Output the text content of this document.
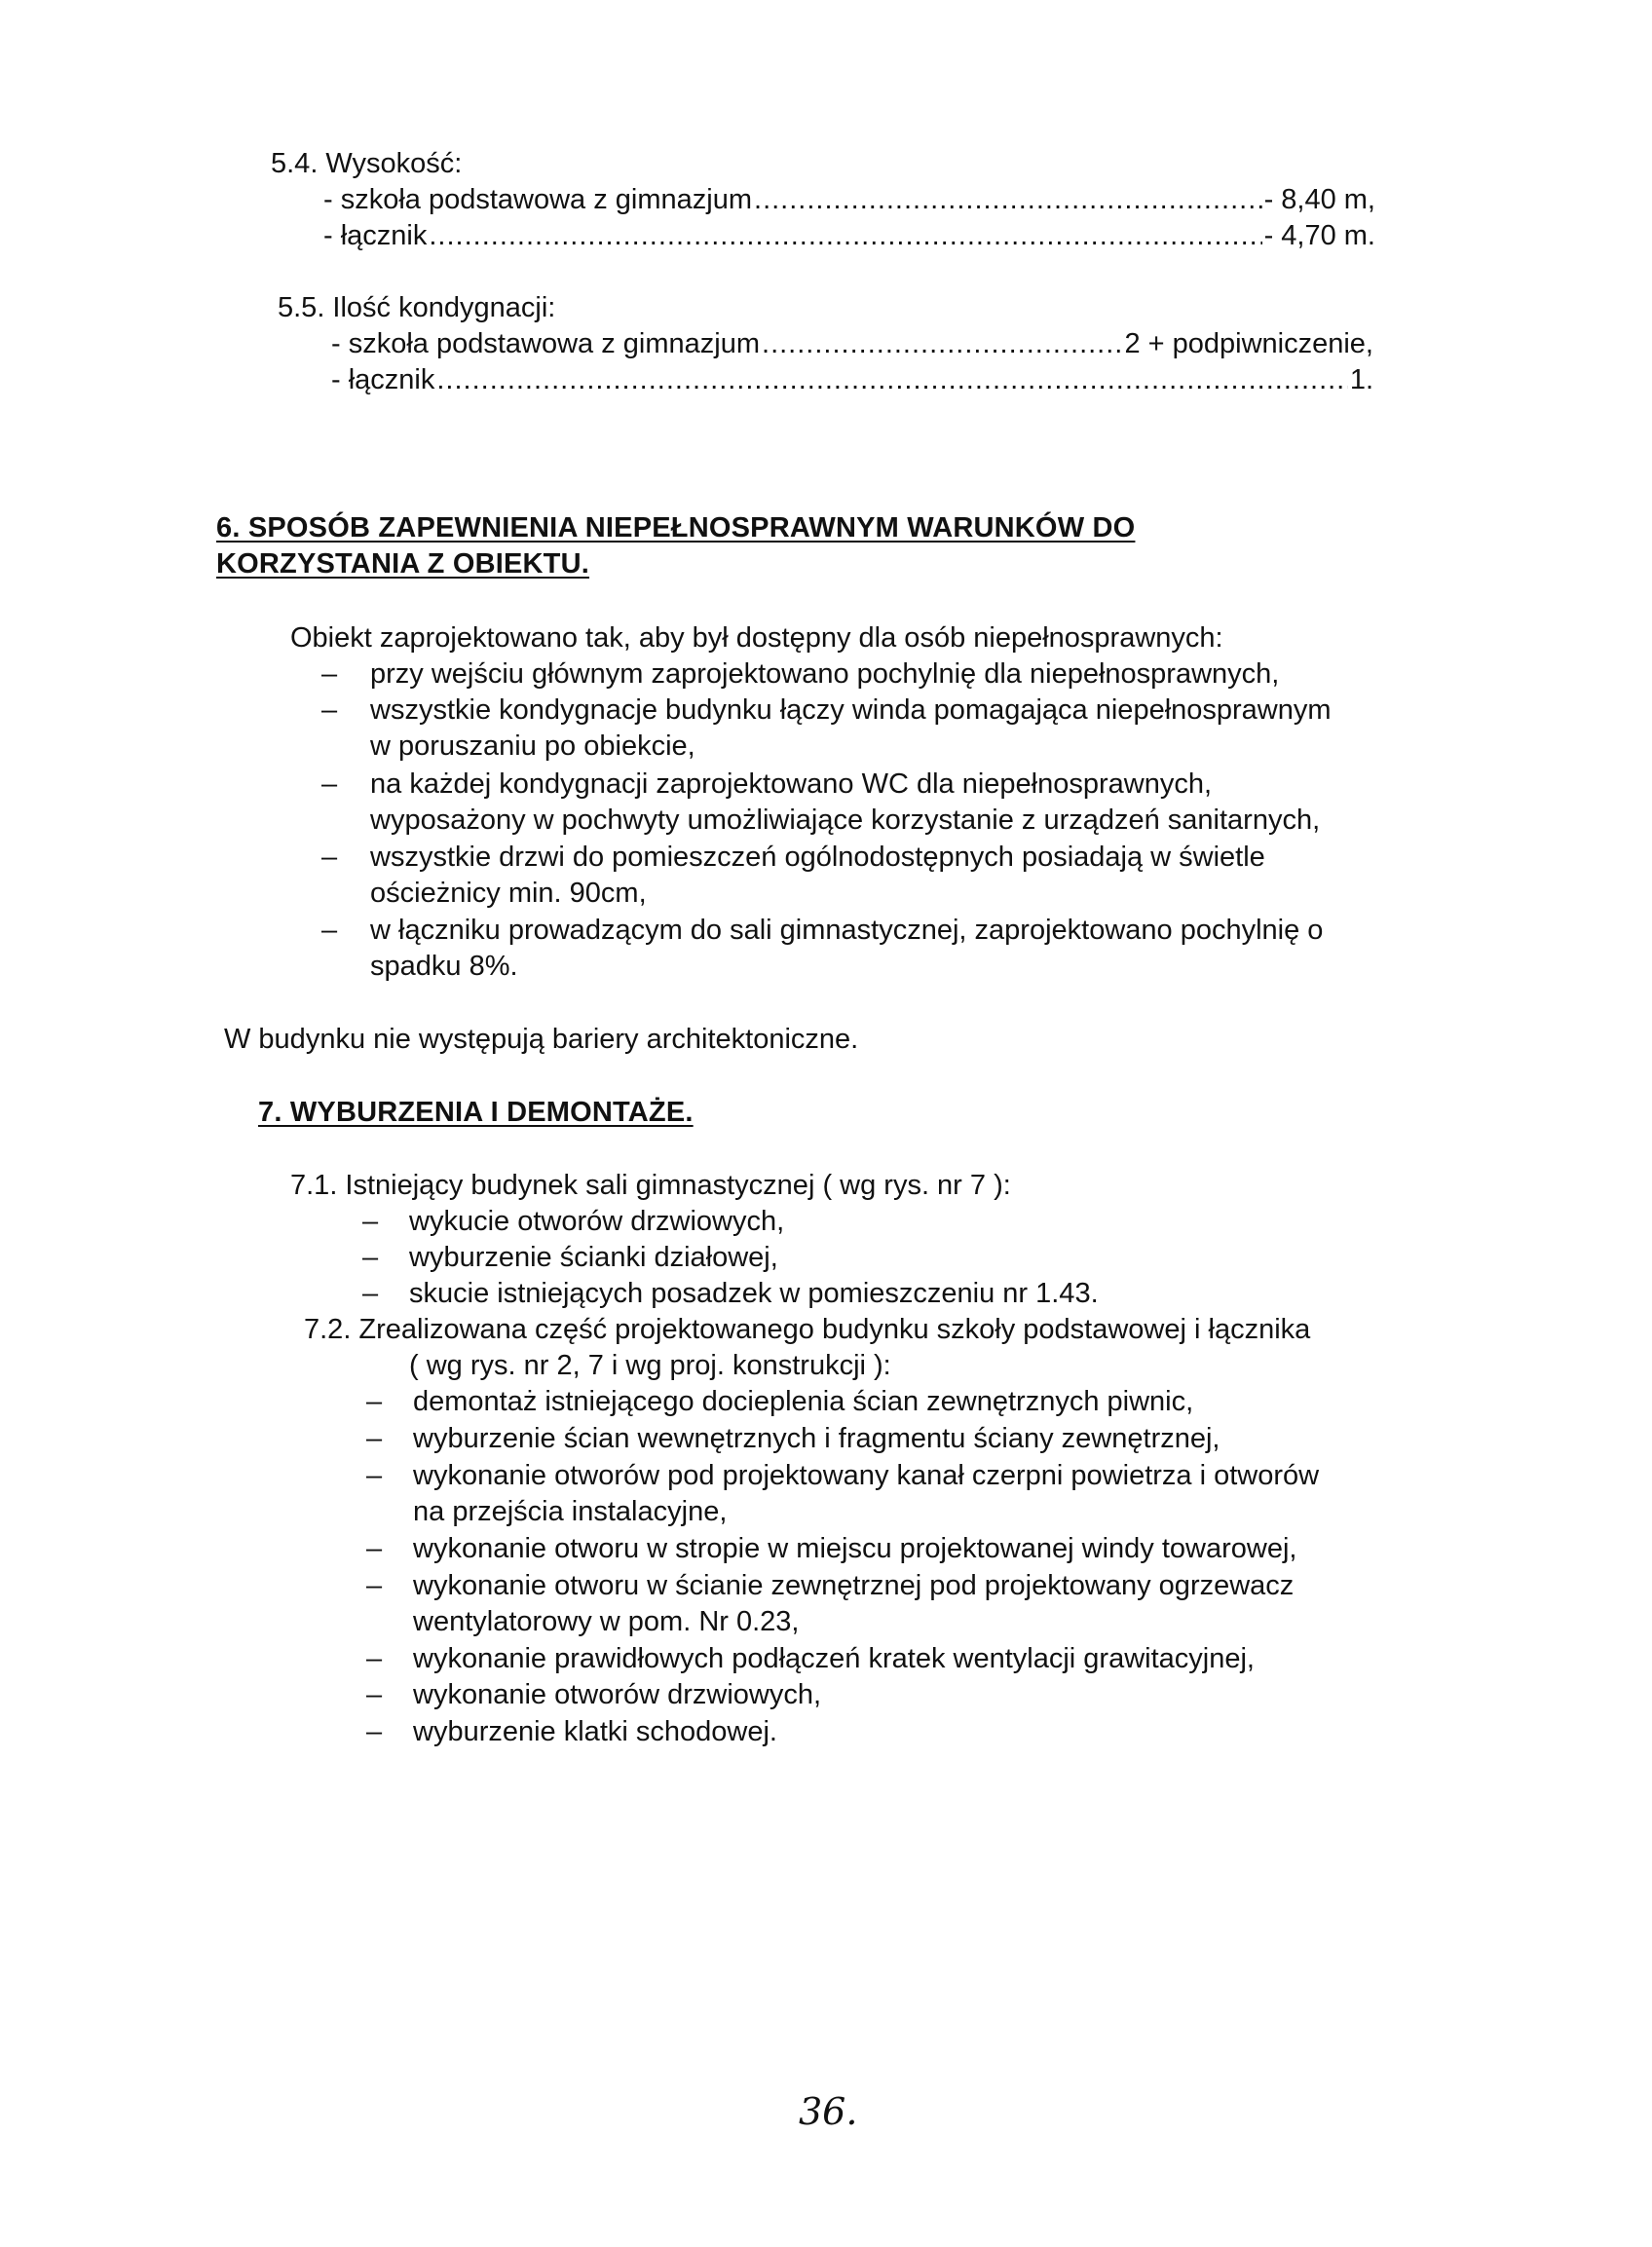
5.4. Wysokość:
- szkoła podstawowa z gimnazjum .....	- 8,40 m,
- łącznik .....	- 4,70 m.
5.5. Ilość kondygnacji:
- szkoła podstawowa z gimnazjum .....	2 + podpiwniczenie,
- łącznik .....	1.
6. SPOSÓB ZAPEWNIENIA NIEPEŁNOSPRAWNYM WARUNKÓW DO
KORZYSTANIA Z OBIEKTU.
Obiekt zaprojektowano tak, aby był dostępny dla osób niepełnosprawnych:
– przy wejściu głównym zaprojektowano pochylnię dla niepełnosprawnych,
– wszystkie kondygnacje budynku łączy winda pomagająca niepełnosprawnym
w poruszaniu po obiekcie,
– na każdej kondygnacji zaprojektowano WC dla niepełnosprawnych,
wyposażony w pochwyty umożliwiające korzystanie z urządzeń sanitarnych,
– wszystkie drzwi do pomieszczeń ogólnodostępnych posiadają w świetle
ościeżnicy min. 90cm,
– w łączniku prowadzącym do sali gimnastycznej, zaprojektowano pochylnię o
spadku 8%.
W budynku nie występują bariery architektoniczne.
7. WYBURZENIA I DEMONTAŻE.
7.1. Istniejący budynek sali gimnastycznej ( wg rys. nr 7 ):
– wykucie otworów drzwiowych,
– wyburzenie ścianki działowej,
– skucie istniejących posadzek w pomieszczeniu nr 1.43.
7.2. Zrealizowana część projektowanego budynku szkoły podstawowej i łącznika
( wg rys. nr 2, 7 i wg proj. konstrukcji ):
– demontaż istniejącego docieplenia ścian zewnętrznych piwnic,
– wyburzenie ścian wewnętrznych i fragmentu ściany zewnętrznej,
– wykonanie otworów pod projektowany kanał czerpni powietrza i otworów
na przejścia instalacyjne,
– wykonanie otworu w stropie w miejscu projektowanej windy towarowej,
– wykonanie otworu w ścianie zewnętrznej pod projektowany ogrzewacz
wentylatorowy w pom. Nr 0.23,
– wykonanie prawidłowych podłączeń kratek wentylacji grawitacyjnej,
– wykonanie otworów drzwiowych,
– wyburzenie klatki schodowej.
36.
